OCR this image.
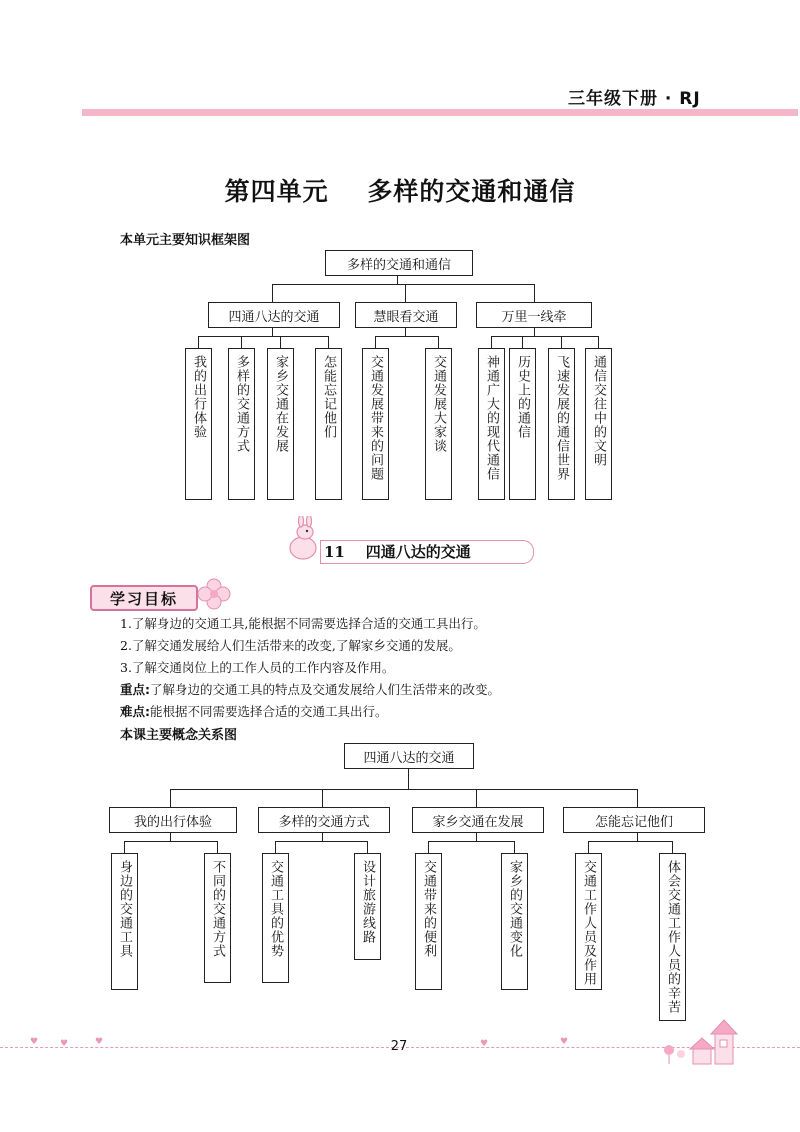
三年级下册 · RJ
第四单元    多样的交通和通信
本单元主要知识框架图
多样的交通和通信
四通八达的交通	慧眼看交通	万里一线牵
我的出行体验 多样的交通方式 家乡交通在发展	怎能忘记他们 交通发展带来的问题	交通发展大家谈	神通广大的现代通信 历史上的通信 飞速发展的通信世界 通信交往中的文明
11 四通八达的交通
学习目标
1.了解身边的交通工具,能根据不同需要选择合适的交通工具出行。
2.了解交通发展给人们生活带来的改变,了解家乡交通的发展。
3.了解交通岗位上的工作人员的工作内容及作用。
重点:了解身边的交通工具的特点及交通发展给人们生活带来的改变。
难点:能根据不同需要选择合适的交通工具出行。
本课主要概念关系图
四通八达的交通
我的出行体验	多样的交通方式	家乡交通在发展	怎能忘记他们
身边的交通工具	不同的交通方式	交通工具的优势	设计旅游线路	交通带来的便利	家乡的交通变化	交通工作人员及作用	体会交通工作人员的辛苦
♥ ♥	♥	♥	♥
27
